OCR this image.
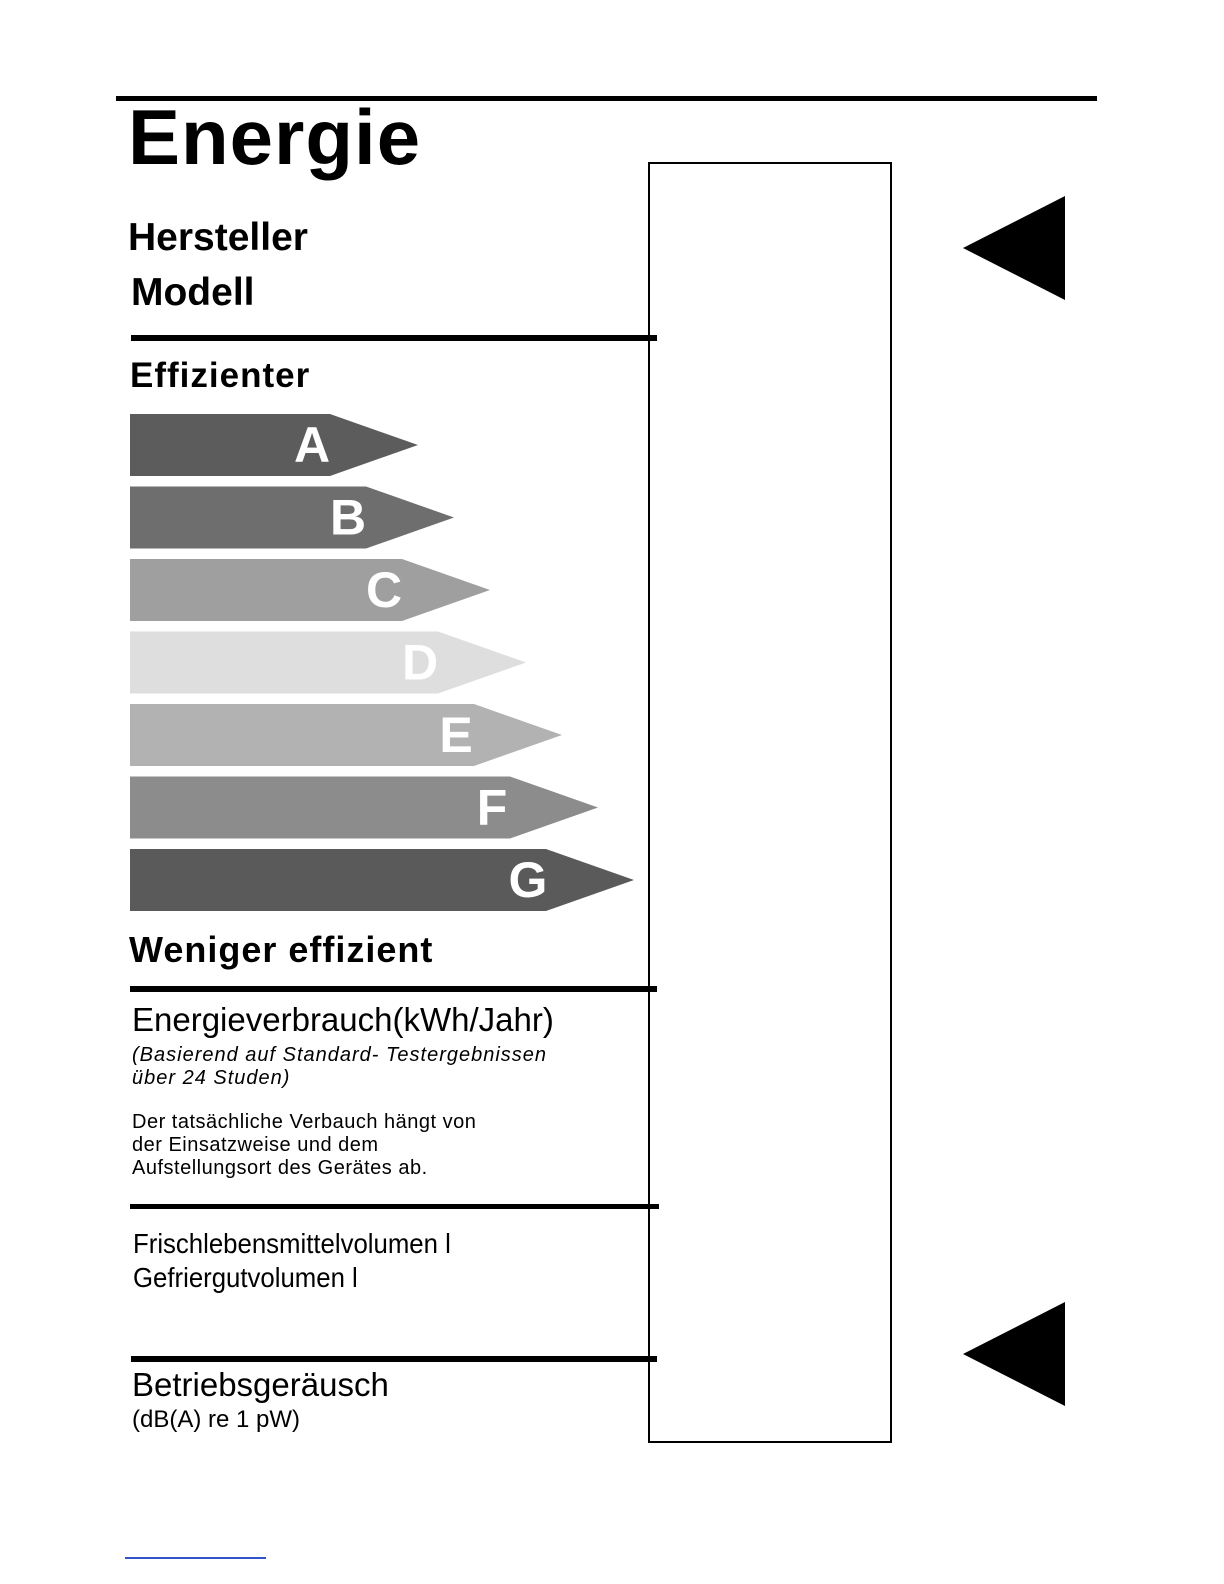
Energie
Hersteller
Modell
Effizienter
A
B
C
D
E
F
G
Weniger effizient
Energieverbrauch(kWh/Jahr)
(Basierend auf Standard- Testergebnissen
über 24 Studen)
Der tatsächliche Verbauch hängt von
der Einsatzweise und dem
Aufstellungsort des Gerätes ab.
Frischlebensmittelvolumen l
Gefriergutvolumen l
Betriebsgeräusch
(dB(A) re 1 pW)
